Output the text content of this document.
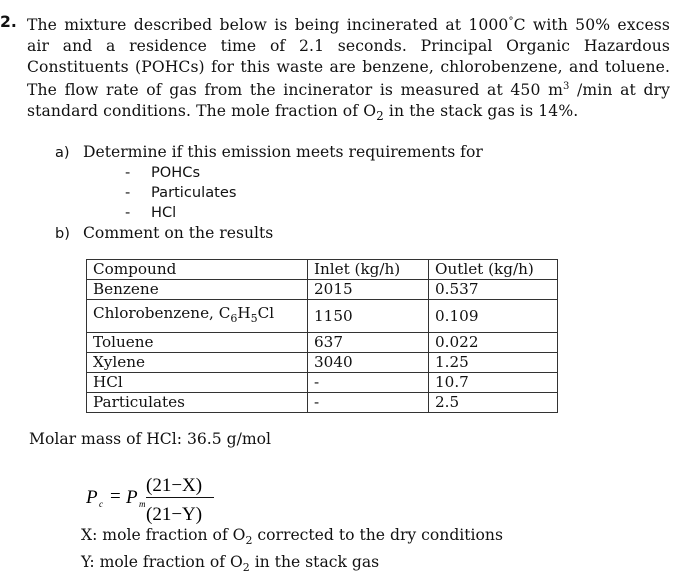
2. The mixture described below is being incinerated at 1000°C with 50% excess air and a residence time of 2.1 seconds. Principal Organic Hazardous Constituents (POHCs) for this waste are benzene, chlorobenzene, and toluene. The flow rate of gas from the incinerator is measured at 450 $m^3$ /min at dry standard conditions. The mole fraction of $O_2$ in the stack gas is 14%.
a) Determine if this emission meets requirements for
- POHCs
- Particulates
- HCl
b) Comment on the results
Compound	Inlet (kg/h)	Outlet (kg/h)
Benzene	2015	0.537
Chlorobenzene, $C_6H_5Cl$	1150	0.109
Toluene	637	0.022
Xylene	3040	1.25
HCl	-	10.7
Particulates	-	2.5
Molar mass of HCl: 36.5 g/mol
P c = P m
(21−X)
(21−Y)
X: mole fraction of $O_2$ corrected to the dry conditions
Y: mole fraction of $O_2$ in the stack gas
